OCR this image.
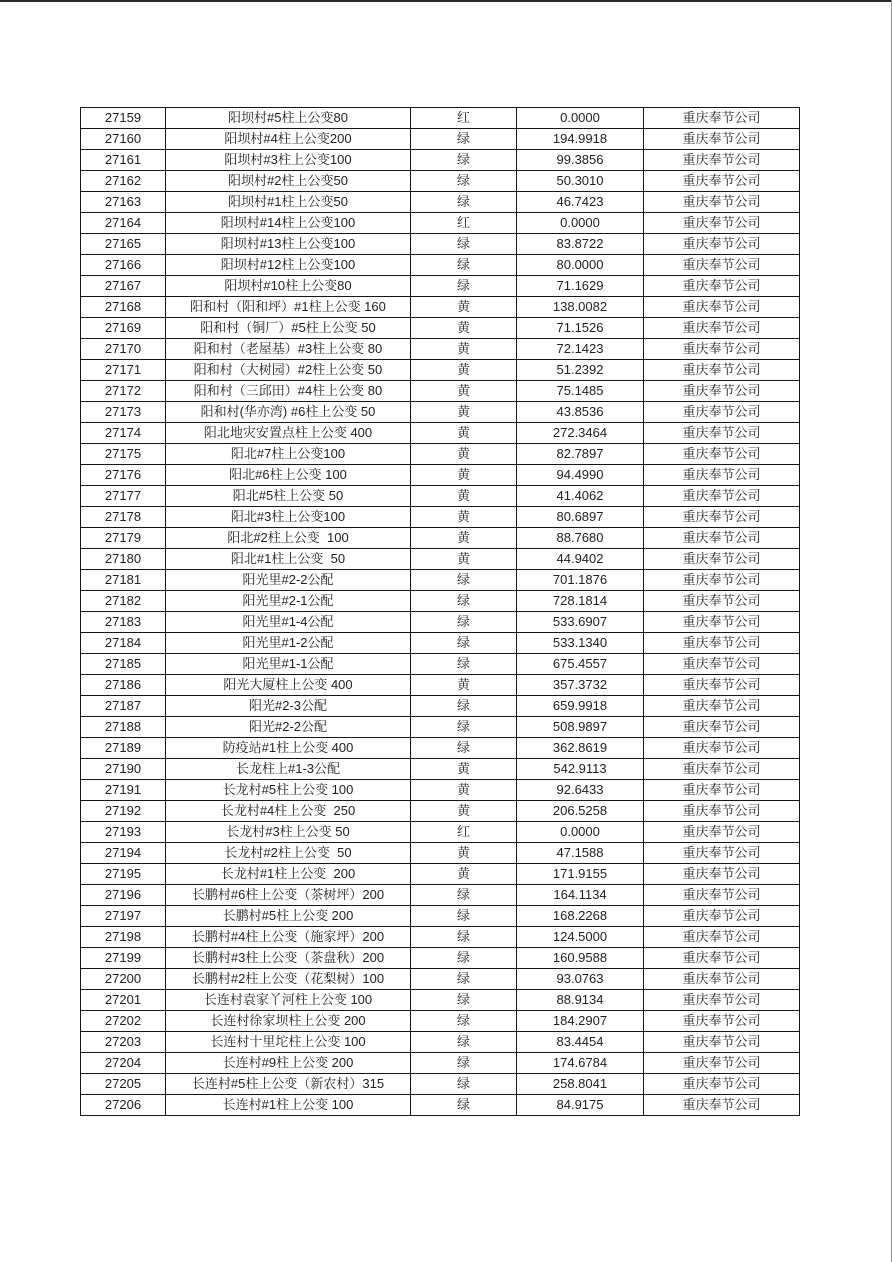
27159	阳坝村#5柱上公变80	红	0.0000	重庆奉节公司
27160	阳坝村#4柱上公变200	绿	194.9918	重庆奉节公司
27161	阳坝村#3柱上公变100	绿	99.3856	重庆奉节公司
27162	阳坝村#2柱上公变50	绿	50.3010	重庆奉节公司
27163	阳坝村#1柱上公变50	绿	46.7423	重庆奉节公司
27164	阳坝村#14柱上公变100	红	0.0000	重庆奉节公司
27165	阳坝村#13柱上公变100	绿	83.8722	重庆奉节公司
27166	阳坝村#12柱上公变100	绿	80.0000	重庆奉节公司
27167	阳坝村#10柱上公变80	绿	71.1629	重庆奉节公司
27168	阳和村（阳和坪）#1柱上公变 160	黄	138.0082	重庆奉节公司
27169	阳和村（铜厂）#5柱上公变 50	黄	71.1526	重庆奉节公司
27170	阳和村（老屋基）#3柱上公变 80	黄	72.1423	重庆奉节公司
27171	阳和村（大树园）#2柱上公变 50	黄	51.2392	重庆奉节公司
27172	阳和村（三邱田）#4柱上公变 80	黄	75.1485	重庆奉节公司
27173	阳和村(华亦湾) #6柱上公变 50	黄	43.8536	重庆奉节公司
27174	阳北地灾安置点柱上公变 400	黄	272.3464	重庆奉节公司
27175	阳北#7柱上公变100	黄	82.7897	重庆奉节公司
27176	阳北#6柱上公变 100	黄	94.4990	重庆奉节公司
27177	阳北#5柱上公变 50	黄	41.4062	重庆奉节公司
27178	阳北#3柱上公变100	黄	80.6897	重庆奉节公司
27179	阳北#2柱上公变  100	黄	88.7680	重庆奉节公司
27180	阳北#1柱上公变  50	黄	44.9402	重庆奉节公司
27181	阳光里#2-2公配	绿	701.1876	重庆奉节公司
27182	阳光里#2-1公配	绿	728.1814	重庆奉节公司
27183	阳光里#1-4公配	绿	533.6907	重庆奉节公司
27184	阳光里#1-2公配	绿	533.1340	重庆奉节公司
27185	阳光里#1-1公配	绿	675.4557	重庆奉节公司
27186	阳光大厦柱上公变 400	黄	357.3732	重庆奉节公司
27187	阳光#2-3公配	绿	659.9918	重庆奉节公司
27188	阳光#2-2公配	绿	508.9897	重庆奉节公司
27189	防疫站#1柱上公变 400	绿	362.8619	重庆奉节公司
27190	长龙柱上#1-3公配	黄	542.9113	重庆奉节公司
27191	长龙村#5柱上公变 100	黄	92.6433	重庆奉节公司
27192	长龙村#4柱上公变  250	黄	206.5258	重庆奉节公司
27193	长龙村#3柱上公变 50	红	0.0000	重庆奉节公司
27194	长龙村#2柱上公变  50	黄	47.1588	重庆奉节公司
27195	长龙村#1柱上公变  200	黄	171.9155	重庆奉节公司
27196	长鹏村#6柱上公变（茶树坪）200	绿	164.1134	重庆奉节公司
27197	长鹏村#5柱上公变 200	绿	168.2268	重庆奉节公司
27198	长鹏村#4柱上公变（施家坪）200	绿	124.5000	重庆奉节公司
27199	长鹏村#3柱上公变（茶盘秋）200	绿	160.9588	重庆奉节公司
27200	长鹏村#2柱上公变（花梨树）100	绿	93.0763	重庆奉节公司
27201	长连村袁家丫河柱上公变 100	绿	88.9134	重庆奉节公司
27202	长连村徐家坝柱上公变 200	绿	184.2907	重庆奉节公司
27203	长连村十里坨柱上公变 100	绿	83.4454	重庆奉节公司
27204	长连村#9柱上公变 200	绿	174.6784	重庆奉节公司
27205	长连村#5柱上公变（新农村）315	绿	258.8041	重庆奉节公司
27206	长连村#1柱上公变 100	绿	84.9175	重庆奉节公司
